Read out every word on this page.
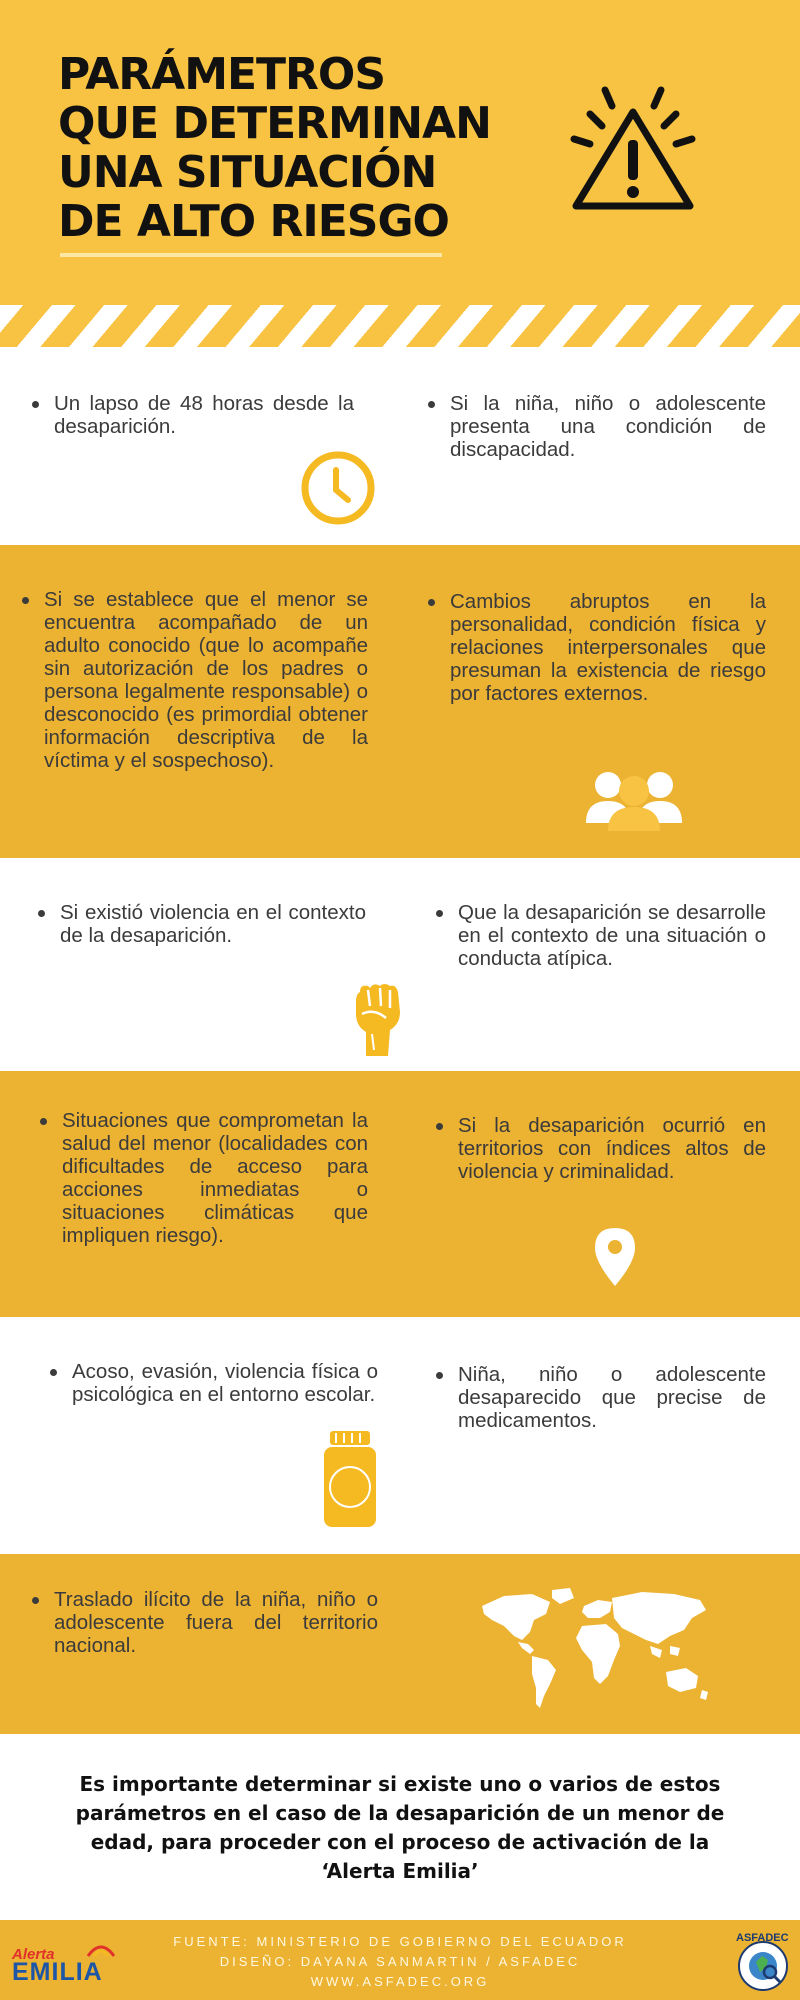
PARÁMETROS
QUE DETERMINAN
UNA SITUACIÓN
DE ALTO RIESGO
Un lapso de 48 horas desde la desaparición.
Si la niña, niño o adolescente presenta una condición de discapacidad.
Si se establece que el menor se encuentra acompañado de un adulto conocido (que lo acompañe sin autorización de los padres o persona legalmente responsable) o desconocido (es primordial obtener información descriptiva de la víctima y el sospechoso).
Cambios abruptos en la personalidad, condición física y relaciones interpersonales que presuman la existencia de riesgo por factores externos.
Si existió violencia en el contexto de la desaparición.
Que la desaparición se desarrolle en el contexto de una situación o conducta atípica.
Situaciones que comprometan la salud del menor (localidades con dificultades de acceso para acciones inmediatas o situaciones climáticas que impliquen riesgo).
Si la desaparición ocurrió en territorios con índices altos de violencia y criminalidad.
Acoso, evasión, violencia física o psicológica en el entorno escolar.
Niña, niño o adolescente desaparecido que precise de medicamentos.
Traslado ilícito de la niña, niño o adolescente fuera del territorio nacional.

Es importante determinar si existe uno o varios de estos parámetros en el caso de la desaparición de un menor de edad, para proceder con el proceso de activación de la ‘Alerta Emilia’

Alerta
EMILIA

FUENTE: MINISTERIO DE GOBIERNO DEL ECUADOR
DISEÑO: DAYANA SANMARTIN / ASFADEC
WWW.ASFADEC.ORG

ASFADEC
